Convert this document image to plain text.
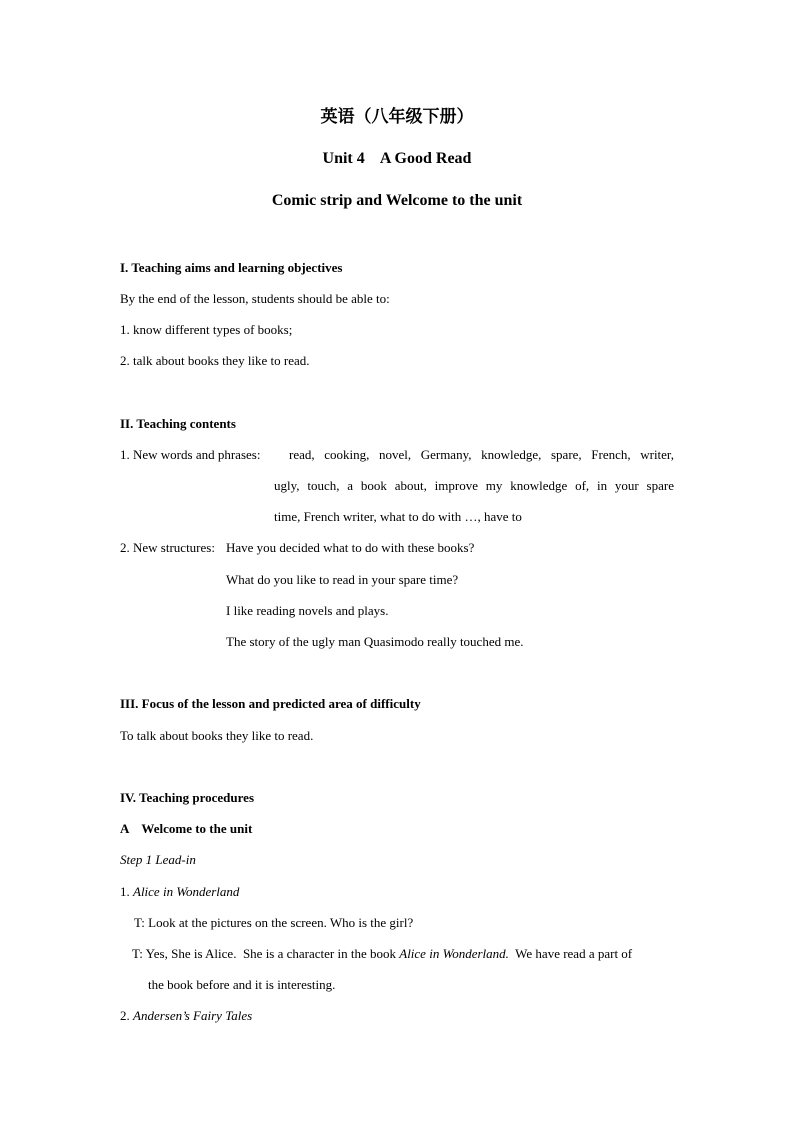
英语（八年级下册）
Unit 4    A Good Read
Comic strip and Welcome to the unit
I. Teaching aims and learning objectives
By the end of the lesson, students should be able to:
1. know different types of books;
2. talk about books they like to read.
II. Teaching contents
1. New words and phrases: read, cooking, novel, Germany, knowledge, spare, French, writer,
ugly, touch, a book about, improve my knowledge of, in your spare
time, French writer, what to do with …, have to
2. New structures: Have you decided what to do with these books?
What do you like to read in your spare time?
I like reading novels and plays.
The story of the ugly man Quasimodo really touched me.
III. Focus of the lesson and predicted area of difficulty
To talk about books they like to read.
IV. Teaching procedures
A    Welcome to the unit
Step 1 Lead-in
1. Alice in Wonderland
T: Look at the pictures on the screen. Who is the girl?
T: Yes, She is Alice.  She is a character in the book Alice in Wonderland.  We have read a part of
the book before and it is interesting.
2. Andersen’s Fairy Tales
